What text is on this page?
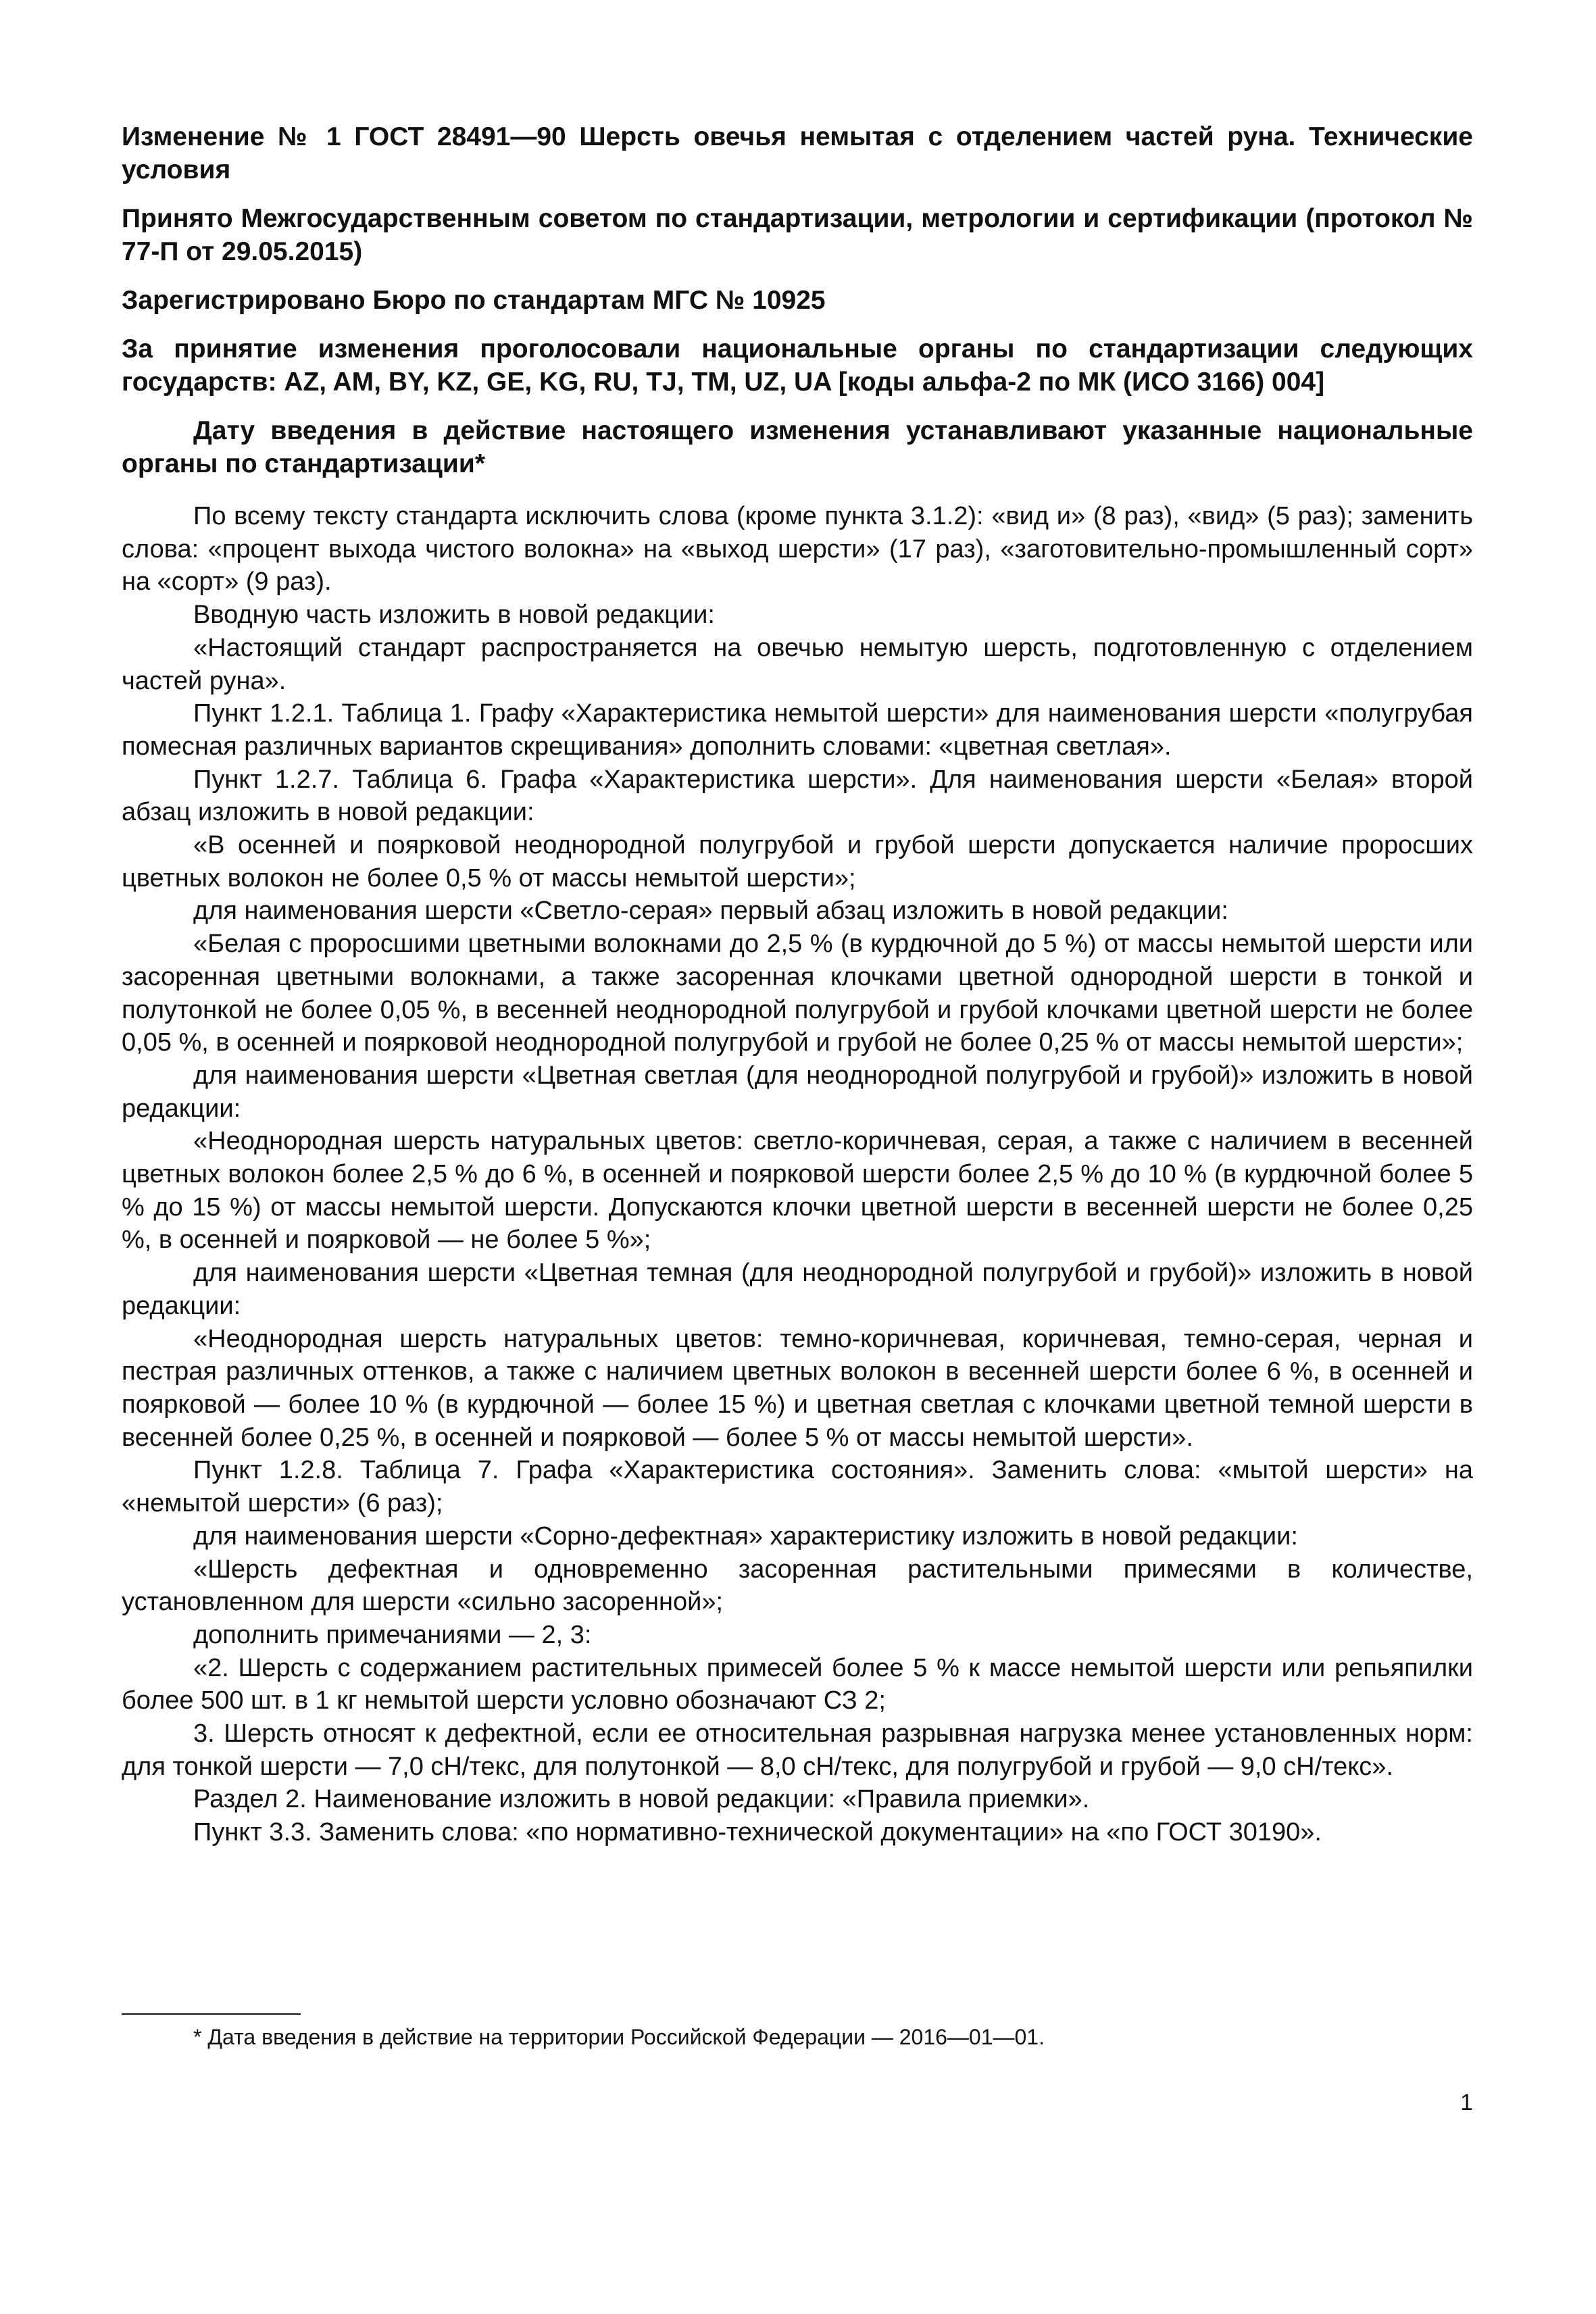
Изменение № 1 ГОСТ 28491—90 Шерсть овечья немытая с отделением частей руна. Технические условия

Принято Межгосударственным советом по стандартизации, метрологии и сертификации (протокол № 77-П от 29.05.2015)

Зарегистрировано Бюро по стандартам МГС № 10925

За принятие изменения проголосовали национальные органы по стандартизации следующих государств: AZ, AM, BY, KZ, GE, KG, RU, TJ, TM, UZ, UA [коды альфа-2 по МК (ИСО 3166) 004]

Дату введения в действие настоящего изменения устанавливают указанные национальные органы по стандартизации*

По всему тексту стандарта исключить слова (кроме пункта 3.1.2): «вид и» (8 раз), «вид» (5 раз); заменить слова: «процент выхода чистого волокна» на «выход шерсти» (17 раз), «заготовительно-промышленный сорт» на «сорт» (9 раз).

Вводную часть изложить в новой редакции:

«Настоящий стандарт распространяется на овечью немытую шерсть, подготовленную с отделением частей руна».

Пункт 1.2.1. Таблица 1. Графу «Характеристика немытой шерсти» для наименования шерсти «полугрубая помесная различных вариантов скрещивания» дополнить словами: «цветная светлая».

Пункт 1.2.7. Таблица 6. Графа «Характеристика шерсти». Для наименования шерсти «Белая» второй абзац изложить в новой редакции:

«В осенней и поярковой неоднородной полугрубой и грубой шерсти допускается наличие проросших цветных волокон не более 0,5 % от массы немытой шерсти»;

для наименования шерсти «Светло-серая» первый абзац изложить в новой редакции:

«Белая с проросшими цветными волокнами до 2,5 % (в курдючной до 5 %) от массы немытой шерсти или засоренная цветными волокнами, а также засоренная клочками цветной однородной шерсти в тонкой и полутонкой не более 0,05 %, в весенней неоднородной полугрубой и грубой клочками цветной шерсти не более 0,05 %, в осенней и поярковой неоднородной полугрубой и грубой не более 0,25 % от массы немытой шерсти»;

для наименования шерсти «Цветная светлая (для неоднородной полугрубой и грубой)» изложить в новой редакции:

«Неоднородная шерсть натуральных цветов: светло-коричневая, серая, а также с наличием в весенней цветных волокон более 2,5 % до 6 %, в осенней и поярковой шерсти более 2,5 % до 10 % (в курдючной более 5 % до 15 %) от массы немытой шерсти. Допускаются клочки цветной шерсти в весенней шерсти не более 0,25 %, в осенней и поярковой — не более 5 %»;

для наименования шерсти «Цветная темная (для неоднородной полугрубой и грубой)» изложить в новой редакции:

«Неоднородная шерсть натуральных цветов: темно-коричневая, коричневая, темно-серая, черная и пестрая различных оттенков, а также с наличием цветных волокон в весенней шерсти более 6 %, в осенней и поярковой — более 10 % (в курдючной — более 15 %) и цветная светлая с клочками цветной темной шерсти в весенней более 0,25 %, в осенней и поярковой — более 5 % от массы немытой шерсти».

Пункт 1.2.8. Таблица 7. Графа «Характеристика состояния». Заменить слова: «мытой шерсти» на «немытой шерсти» (6 раз);

для наименования шерсти «Сорно-дефектная» характеристику изложить в новой редакции:

«Шерсть дефектная и одновременно засоренная растительными примесями в количестве, установленном для шерсти «сильно засоренной»;

дополнить примечаниями — 2, 3:

«2. Шерсть с содержанием растительных примесей более 5 % к массе немытой шерсти или репьяпилки более 500 шт. в 1 кг немытой шерсти условно обозначают СЗ 2;

3. Шерсть относят к дефектной, если ее относительная разрывная нагрузка менее установленных норм: для тонкой шерсти — 7,0 сН/текс, для полутонкой — 8,0 сН/текс, для полугрубой и грубой — 9,0 сН/текс».

Раздел 2. Наименование изложить в новой редакции: «Правила приемки».

Пункт 3.3. Заменить слова: «по нормативно-технической документации» на «по ГОСТ 30190».

* Дата введения в действие на территории Российской Федерации — 2016—01—01.

1
